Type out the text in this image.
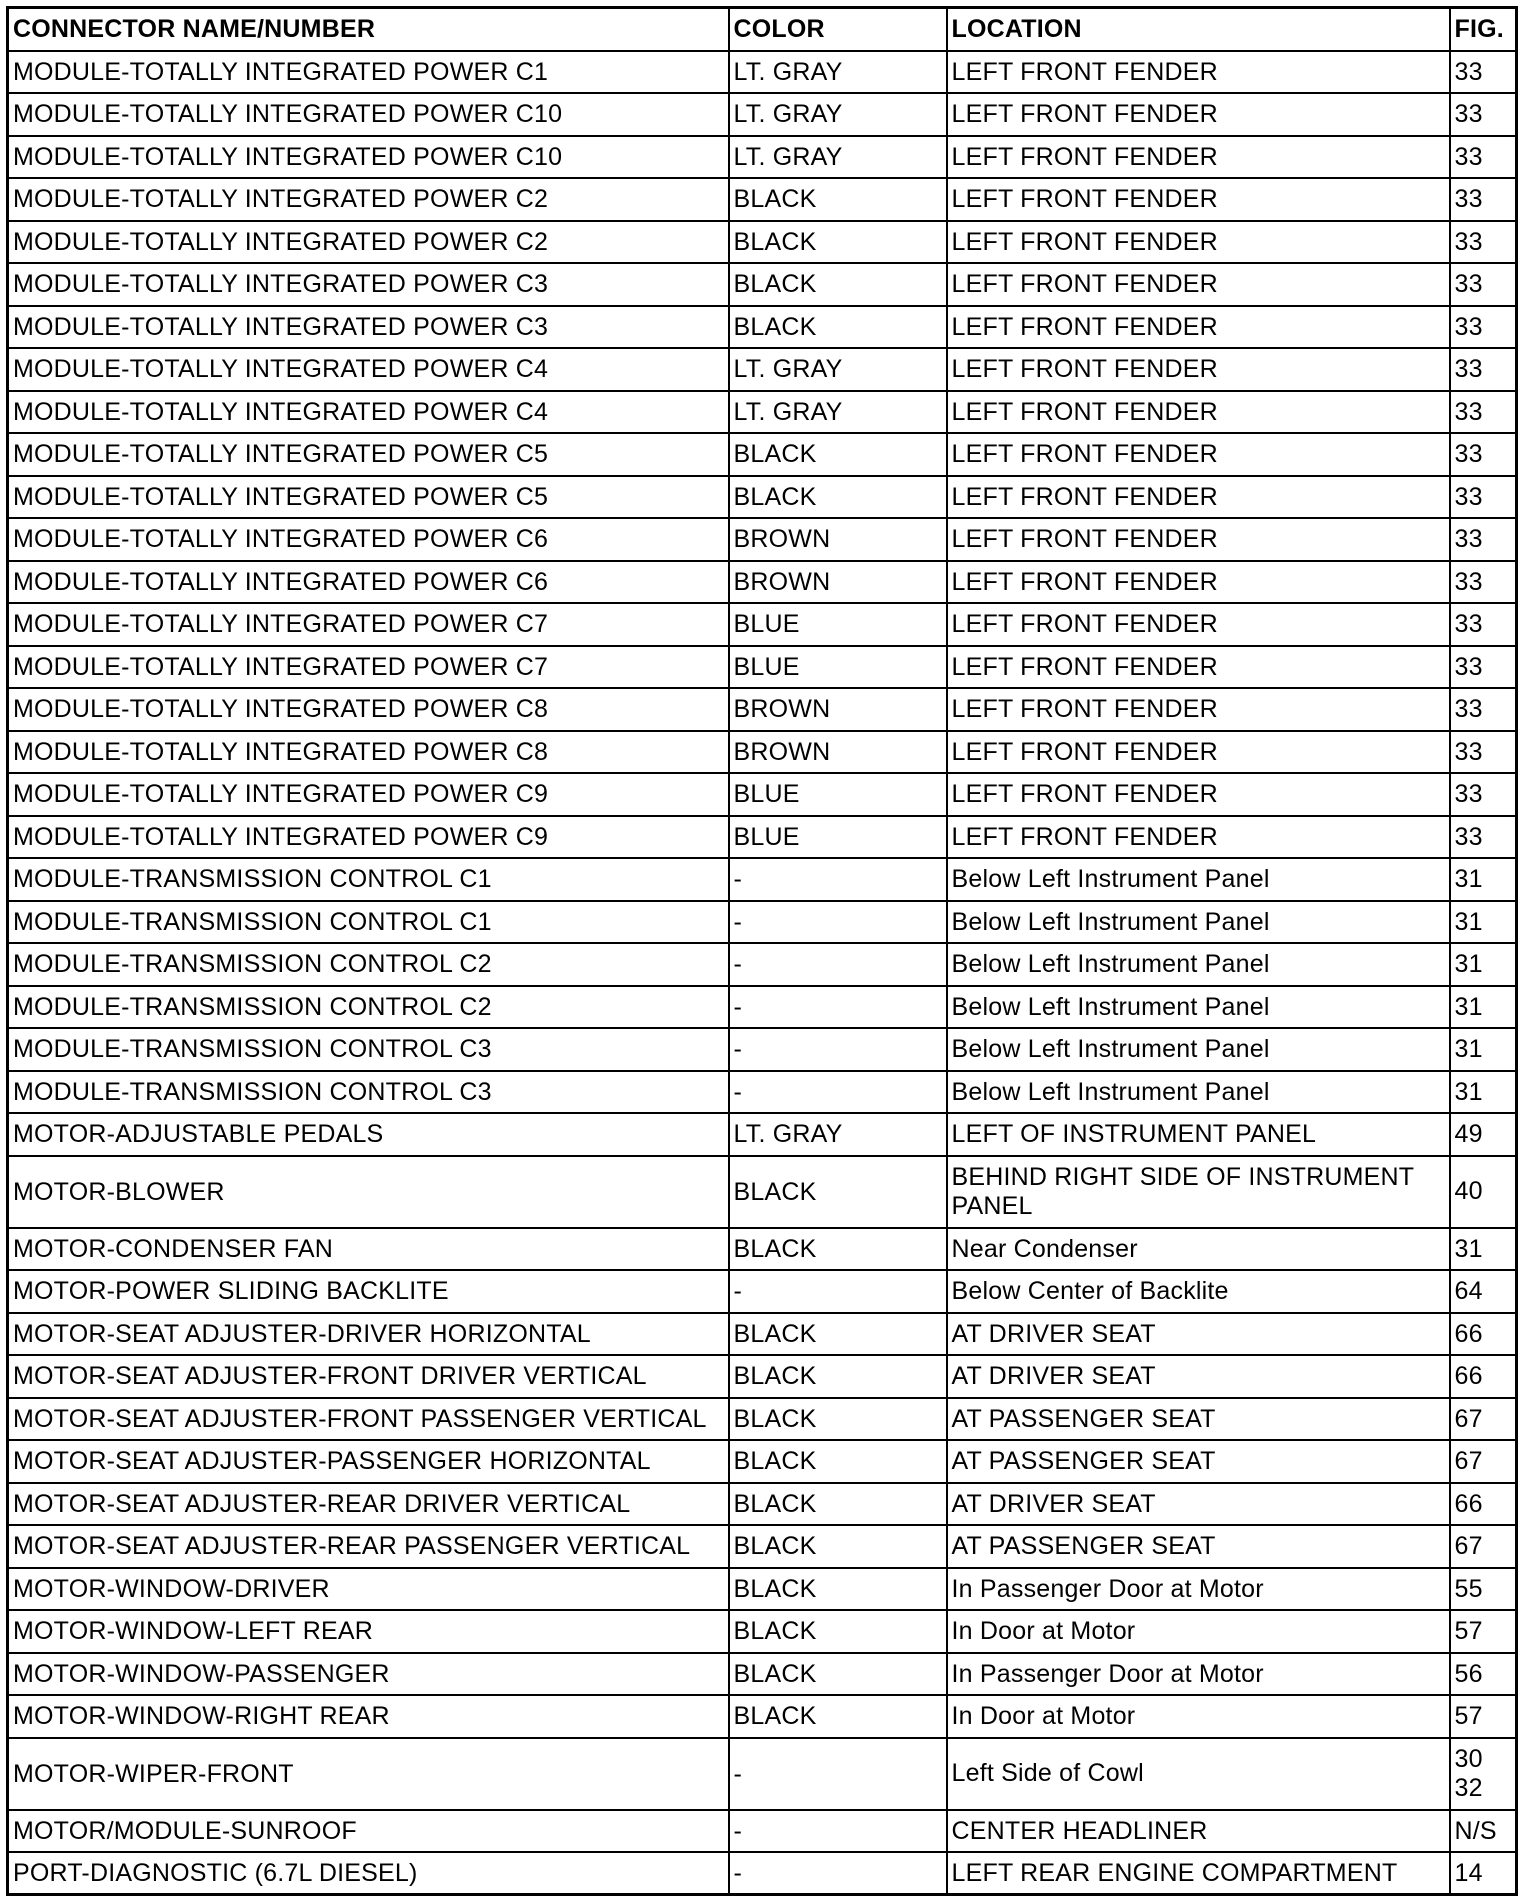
CONNECTOR NAME/NUMBER	COLOR	LOCATION	FIG.
MODULE-TOTALLY INTEGRATED POWER C1	LT. GRAY	LEFT FRONT FENDER	33
MODULE-TOTALLY INTEGRATED POWER C10	LT. GRAY	LEFT FRONT FENDER	33
MODULE-TOTALLY INTEGRATED POWER C10	LT. GRAY	LEFT FRONT FENDER	33
MODULE-TOTALLY INTEGRATED POWER C2	BLACK	LEFT FRONT FENDER	33
MODULE-TOTALLY INTEGRATED POWER C2	BLACK	LEFT FRONT FENDER	33
MODULE-TOTALLY INTEGRATED POWER C3	BLACK	LEFT FRONT FENDER	33
MODULE-TOTALLY INTEGRATED POWER C3	BLACK	LEFT FRONT FENDER	33
MODULE-TOTALLY INTEGRATED POWER C4	LT. GRAY	LEFT FRONT FENDER	33
MODULE-TOTALLY INTEGRATED POWER C4	LT. GRAY	LEFT FRONT FENDER	33
MODULE-TOTALLY INTEGRATED POWER C5	BLACK	LEFT FRONT FENDER	33
MODULE-TOTALLY INTEGRATED POWER C5	BLACK	LEFT FRONT FENDER	33
MODULE-TOTALLY INTEGRATED POWER C6	BROWN	LEFT FRONT FENDER	33
MODULE-TOTALLY INTEGRATED POWER C6	BROWN	LEFT FRONT FENDER	33
MODULE-TOTALLY INTEGRATED POWER C7	BLUE	LEFT FRONT FENDER	33
MODULE-TOTALLY INTEGRATED POWER C7	BLUE	LEFT FRONT FENDER	33
MODULE-TOTALLY INTEGRATED POWER C8	BROWN	LEFT FRONT FENDER	33
MODULE-TOTALLY INTEGRATED POWER C8	BROWN	LEFT FRONT FENDER	33
MODULE-TOTALLY INTEGRATED POWER C9	BLUE	LEFT FRONT FENDER	33
MODULE-TOTALLY INTEGRATED POWER C9	BLUE	LEFT FRONT FENDER	33
MODULE-TRANSMISSION CONTROL C1	-	Below Left Instrument Panel	31
MODULE-TRANSMISSION CONTROL C1	-	Below Left Instrument Panel	31
MODULE-TRANSMISSION CONTROL C2	-	Below Left Instrument Panel	31
MODULE-TRANSMISSION CONTROL C2	-	Below Left Instrument Panel	31
MODULE-TRANSMISSION CONTROL C3	-	Below Left Instrument Panel	31
MODULE-TRANSMISSION CONTROL C3	-	Below Left Instrument Panel	31
MOTOR-ADJUSTABLE PEDALS	LT. GRAY	LEFT OF INSTRUMENT PANEL	49
MOTOR-BLOWER	BLACK	BEHIND RIGHT SIDE OF INSTRUMENT PANEL	40
MOTOR-CONDENSER FAN	BLACK	Near Condenser	31
MOTOR-POWER SLIDING BACKLITE	-	Below Center of Backlite	64
MOTOR-SEAT ADJUSTER-DRIVER HORIZONTAL	BLACK	AT DRIVER SEAT	66
MOTOR-SEAT ADJUSTER-FRONT DRIVER VERTICAL	BLACK	AT DRIVER SEAT	66
MOTOR-SEAT ADJUSTER-FRONT PASSENGER VERTICAL	BLACK	AT PASSENGER SEAT	67
MOTOR-SEAT ADJUSTER-PASSENGER HORIZONTAL	BLACK	AT PASSENGER SEAT	67
MOTOR-SEAT ADJUSTER-REAR DRIVER VERTICAL	BLACK	AT DRIVER SEAT	66
MOTOR-SEAT ADJUSTER-REAR PASSENGER VERTICAL	BLACK	AT PASSENGER SEAT	67
MOTOR-WINDOW-DRIVER	BLACK	In Passenger Door at Motor	55
MOTOR-WINDOW-LEFT REAR	BLACK	In Door at Motor	57
MOTOR-WINDOW-PASSENGER	BLACK	In Passenger Door at Motor	56
MOTOR-WINDOW-RIGHT REAR	BLACK	In Door at Motor	57
MOTOR-WIPER-FRONT	-	Left Side of Cowl	30
32
MOTOR/MODULE-SUNROOF	-	CENTER HEADLINER	N/S
PORT-DIAGNOSTIC (6.7L DIESEL)	-	LEFT REAR ENGINE COMPARTMENT	14
